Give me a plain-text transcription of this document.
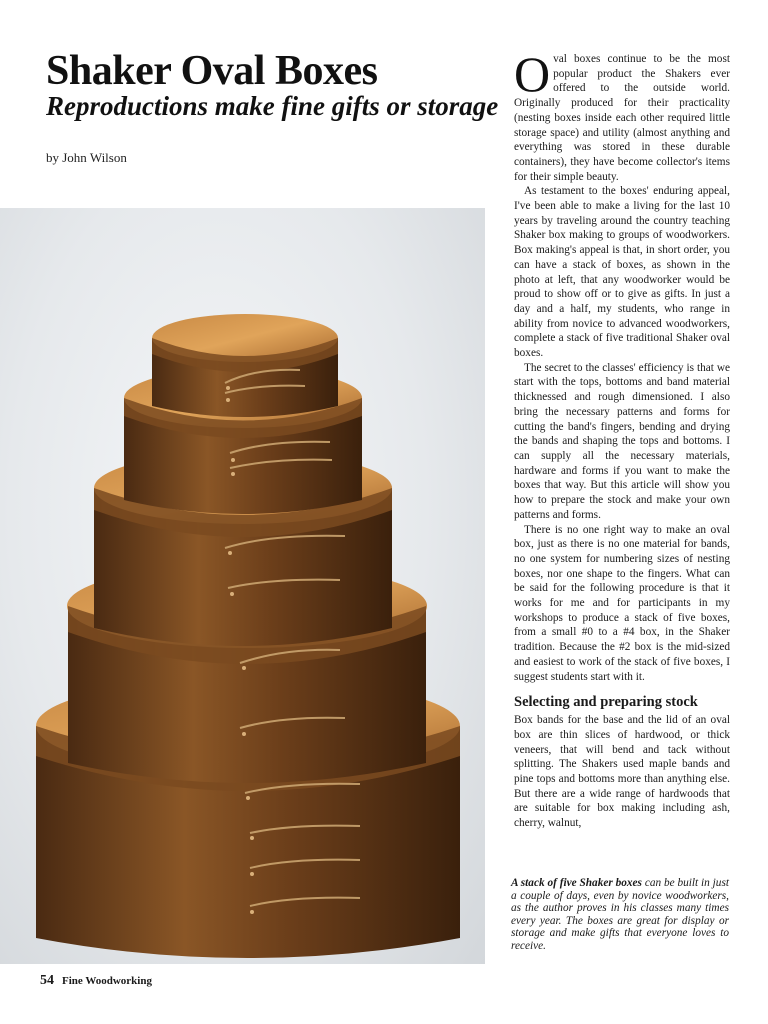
Shaker Oval Boxes
Reproductions make fine gifts or storage
by John Wilson

Oval boxes continue to be the most popular product the Shakers ever offered to the outside world. Originally produced for their practicality (nesting boxes inside each other required little storage space) and utility (almost anything and everything was stored in these durable containers), they have become collector's items for their simple beauty.

As testament to the boxes' enduring appeal, I've been able to make a living for the last 10 years by traveling around the country teaching Shaker box making to groups of woodworkers. Box making's appeal is that, in short order, you can have a stack of boxes, as shown in the photo at left, that any woodworker would be proud to show off or to give as gifts. In just a day and a half, my students, who range in ability from novice to advanced woodworkers, complete a stack of five traditional Shaker oval boxes.

The secret to the classes' efficiency is that we start with the tops, bottoms and band material thicknessed and rough dimensioned. I also bring the necessary patterns and forms for cutting the band's fingers, bending and drying the bands and shaping the tops and bottoms. I can supply all the necessary materials, hardware and forms if you want to make the boxes that way. But this article will show you how to prepare the stock and make your own patterns and forms.

There is no one right way to make an oval box, just as there is no one material for bands, no one system for numbering sizes of nesting boxes, nor one shape to the fingers. What can be said for the following procedure is that it works for me and for participants in my workshops to produce a stack of five boxes, from a small #0 to a #4 box, in the Shaker tradition. Because the #2 box is the mid-sized and easiest to work of the stack of five boxes, I suggest students start with it.

Selecting and preparing stock

Box bands for the base and the lid of an oval box are thin slices of hardwood, or thick veneers, that will bend and tack without splitting. The Shakers used maple bands and pine tops and bottoms more than anything else. But there are a wide range of hardwoods that are suitable for box making including ash, cherry, walnut,

A stack of five Shaker boxes can be built in just a couple of days, even by novice woodworkers, as the author proves in his classes many times every year. The boxes are great for display or storage and make gifts that everyone loves to receive.
54 Fine Woodworking
